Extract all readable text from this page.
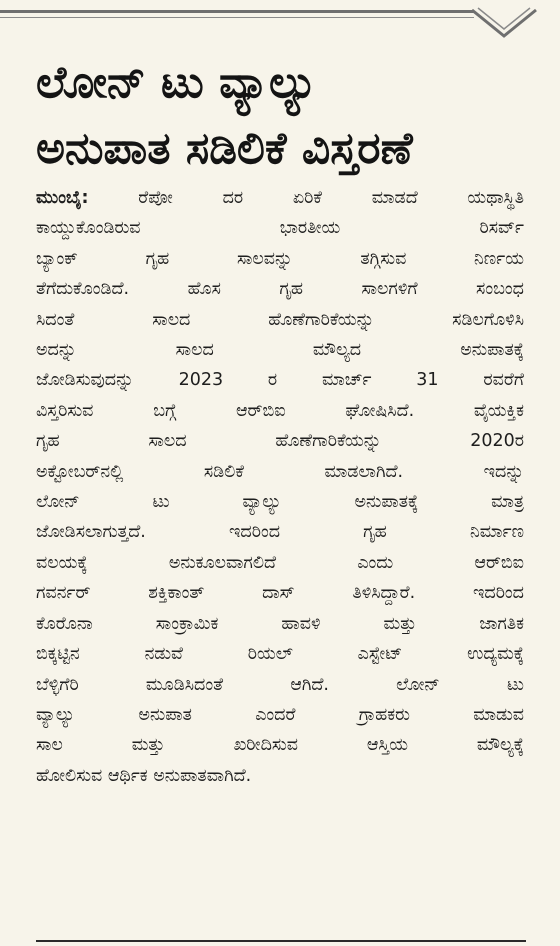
ಲೋನ್ ಟು ವ್ಯಾಲ್ಯು
ಅನುಪಾತ ಸಡಿಲಿಕೆ ವಿಸ್ತರಣೆ
ಮುಂಬೈ: ರೆಪೋ ದರ ಏರಿಕೆ ಮಾಡದೆ ಯಥಾಸ್ಥಿತಿ
ಕಾಯ್ದುಕೊಂಡಿರುವ ಭಾರತೀಯ ರಿಸರ್ವ್
ಬ್ಯಾಂಕ್ ಗೃಹ ಸಾಲವನ್ನು ತಗ್ಗಿಸುವ ನಿರ್ಣಯ
ತೆಗೆದುಕೊಂಡಿದೆ. ಹೊಸ ಗೃಹ ಸಾಲಗಳಿಗೆ ಸಂಬಂಧ
ಸಿದಂತೆ ಸಾಲದ ಹೊಣೆಗಾರಿಕೆಯನ್ನು ಸಡಿಲಗೊಳಿಸಿ
ಅದನ್ನು ಸಾಲದ ಮೌಲ್ಯದ ಅನುಪಾತಕ್ಕೆ
ಜೋಡಿಸುವುದನ್ನು 2023 ರ ಮಾರ್ಚ್ 31 ರವರೆಗೆ
ವಿಸ್ತರಿಸುವ ಬಗ್ಗೆ ಆರ್‌ಬಿಐ ಘೋಷಿಸಿದೆ. ವೈಯಕ್ತಿಕ
ಗೃಹ ಸಾಲದ ಹೊಣೆಗಾರಿಕೆಯನ್ನು 2020ರ
ಅಕ್ಟೋಬರ್‌ನಲ್ಲಿ ಸಡಿಲಿಕೆ ಮಾಡಲಾಗಿದೆ. ಇದನ್ನು
ಲೋನ್ ಟು ವ್ಯಾಲ್ಯು ಅನುಪಾತಕ್ಕೆ ಮಾತ್ರ
ಜೋಡಿಸಲಾಗುತ್ತದೆ. ಇದರಿಂದ ಗೃಹ ನಿರ್ಮಾಣ
ವಲಯಕ್ಕೆ ಅನುಕೂಲವಾಗಲಿದೆ ಎಂದು ಆರ್‌ಬಿಐ
ಗವರ್ನರ್ ಶಕ್ತಿಕಾಂತ್ ದಾಸ್ ತಿಳಿಸಿದ್ದಾರೆ. ಇದರಿಂದ
ಕೊರೊನಾ ಸಾಂಕ್ರಾಮಿಕ ಹಾವಳಿ ಮತ್ತು ಜಾಗತಿಕ
ಬಿಕ್ಕಟ್ಟಿನ ನಡುವೆ ರಿಯಲ್ ಎಸ್ಟೇಟ್ ಉದ್ಯಮಕ್ಕೆ
ಬೆಳ್ಳಿಗೆರಿ ಮೂಡಿಸಿದಂತೆ ಆಗಿದೆ. ಲೋನ್ ಟು
ವ್ಯಾಲ್ಯು ಅನುಪಾತ ಎಂದರೆ ಗ್ರಾಹಕರು ಮಾಡುವ
ಸಾಲ ಮತ್ತು ಖರೀದಿಸುವ ಆಸ್ತಿಯ ಮೌಲ್ಯಕ್ಕೆ
ಹೋಲಿಸುವ ಆರ್ಥಿಕ ಅನುಪಾತವಾಗಿದೆ.
